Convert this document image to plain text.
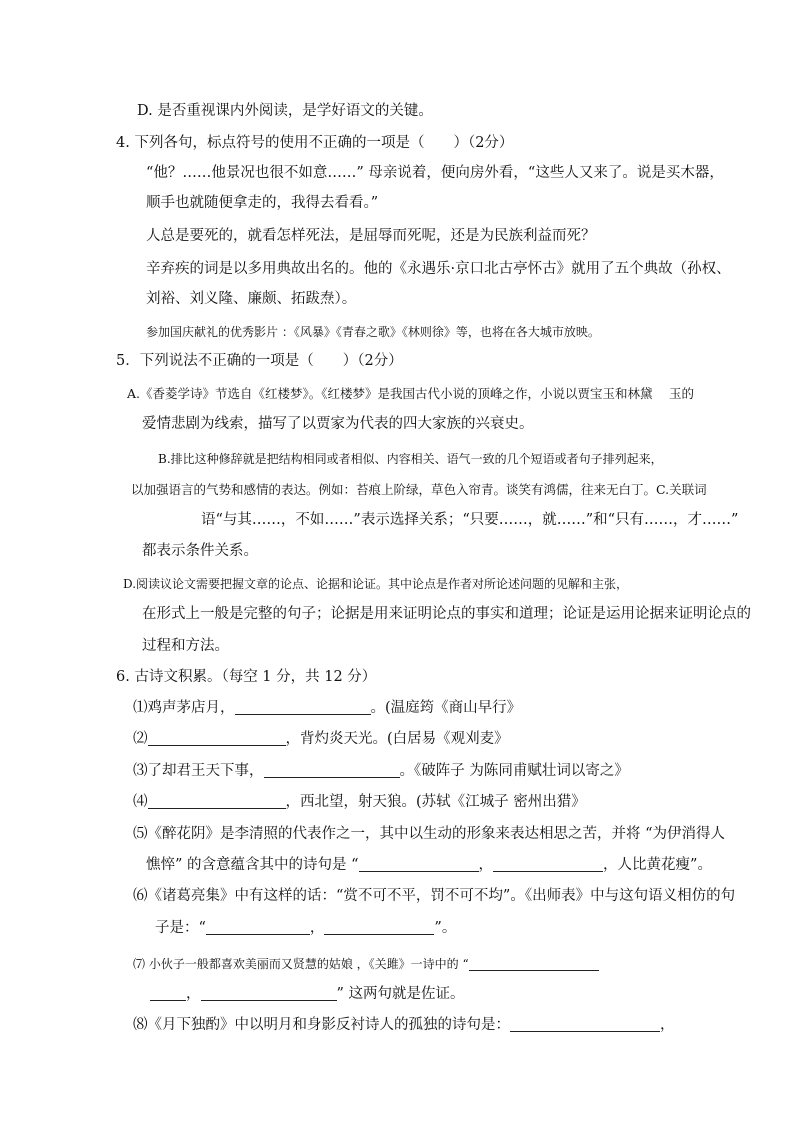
D. 是否重视课内外阅读，是学好语文的关键。
4. 下列各句，标点符号的使用不正确的一项是（　　）（2分）
“他？……他景况也很不如意……” 母亲说着，便向房外看，“这些人又来了。说是买木器，
顺手也就随便拿走的，我得去看看。”
人总是要死的，就看怎样死法，是屈辱而死呢，还是为民族利益而死？
辛弃疾的词是以多用典故出名的。他的《永遇乐·京口北古亭怀古》就用了五个典故（孙权、
刘裕、刘义隆、廉颇、拓跋焘）。
参加国庆献礼的优秀影片 ：《风暴》《青春之歌》《林则徐》等，也将在各大城市放映。
5．下列说法不正确的一项是（　　）（2分）
A.《香菱学诗》节选自《红楼梦》。《红楼梦》是我国古代小说的顶峰之作，小说以贾宝玉和林黛　 玉的
爱情悲剧为线索，描写了以贾家为代表的四大家族的兴衰史。
B.排比这种修辞就是把结构相同或者相似、内容相关、语气一致的几个短语或者句子排列起来，
以加强语言的气势和感情的表达。例如：苔痕上阶绿，草色入帘青。谈笑有鸿儒，往来无白丁。C.关联词
语“与其……，不如……”表示选择关系；“只要……，就……”和“只有……，才……”
都表示条件关系。
D.阅读议论文需要把握文章的论点、论据和论证。其中论点是作者对所论述问题的见解和主张，
在形式上一般是完整的句子；论据是用来证明论点的事实和道理；论证是运用论据来证明论点的
过程和方法。
6. 古诗文积累。（每空 1 分，共 12 分）
⑴鸡声茅店月，	。(温庭筠《商山早行》
⑵	，背灼炎天光。(白居易《观刈麦》
⑶了却君王天下事，	。《破阵子 为陈同甫赋壮词以寄之》
⑷	，西北望，射天狼。(苏轼《江城子 密州出猎》
⑸《醉花阴》是李清照的代表作之一，其中以生动的形象来表达相思之苦，并将 “为伊消得人
憔悴” 的含意蕴含其中的诗句是 “	，	，人比黄花瘦”。
⑹《诸葛亮集》中有这样的话：“赏不可不平，罚不可不均”。《出师表》中与这句语义相仿的句
子是：“	，	”。
⑺ 小伙子一般都喜欢美丽而又贤慧的姑娘 ，《关雎》一诗中的 “
，	” 这两句就是佐证。
⑻《月下独酌》中以明月和身影反衬诗人的孤独的诗句是：	，
